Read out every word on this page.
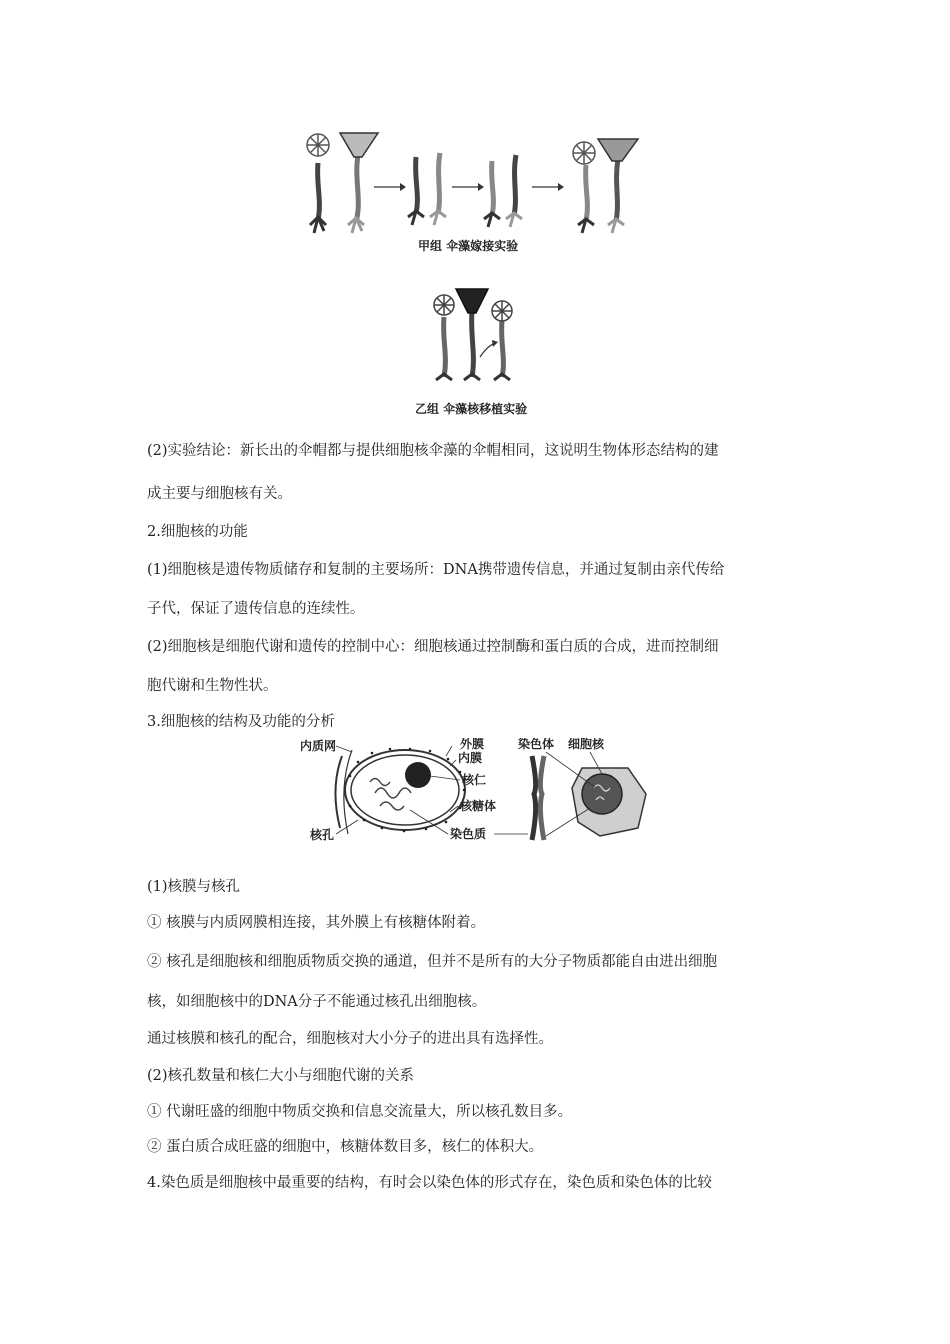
甲组 伞藻嫁接实验
乙组 伞藻核移植实验
(2)实验结论：新长出的伞帽都与提供细胞核伞藻的伞帽相同，这说明生物体形态结构的建
成主要与细胞核有关。
2.细胞核的功能
(1)细胞核是遗传物质储存和复制的主要场所：DNA携带遗传信息，并通过复制由亲代传给
子代，保证了遗传信息的连续性。
(2)细胞核是细胞代谢和遗传的控制中心：细胞核通过控制酶和蛋白质的合成，进而控制细
胞代谢和生物性状。
3.细胞核的结构及功能的分析
内质网
核孔
外膜
内膜
核仁
核糖体
染色质
染色体 细胞核
(1)核膜与核孔
① 核膜与内质网膜相连接，其外膜上有核糖体附着。
② 核孔是细胞核和细胞质物质交换的通道，但并不是所有的大分子物质都能自由进出细胞
核，如细胞核中的DNA分子不能通过核孔出细胞核。
通过核膜和核孔的配合，细胞核对大小分子的进出具有选择性。
(2)核孔数量和核仁大小与细胞代谢的关系
① 代谢旺盛的细胞中物质交换和信息交流量大，所以核孔数目多。
② 蛋白质合成旺盛的细胞中，核糖体数目多，核仁的体积大。
4.染色质是细胞核中最重要的结构，有时会以染色体的形式存在，染色质和染色体的比较
